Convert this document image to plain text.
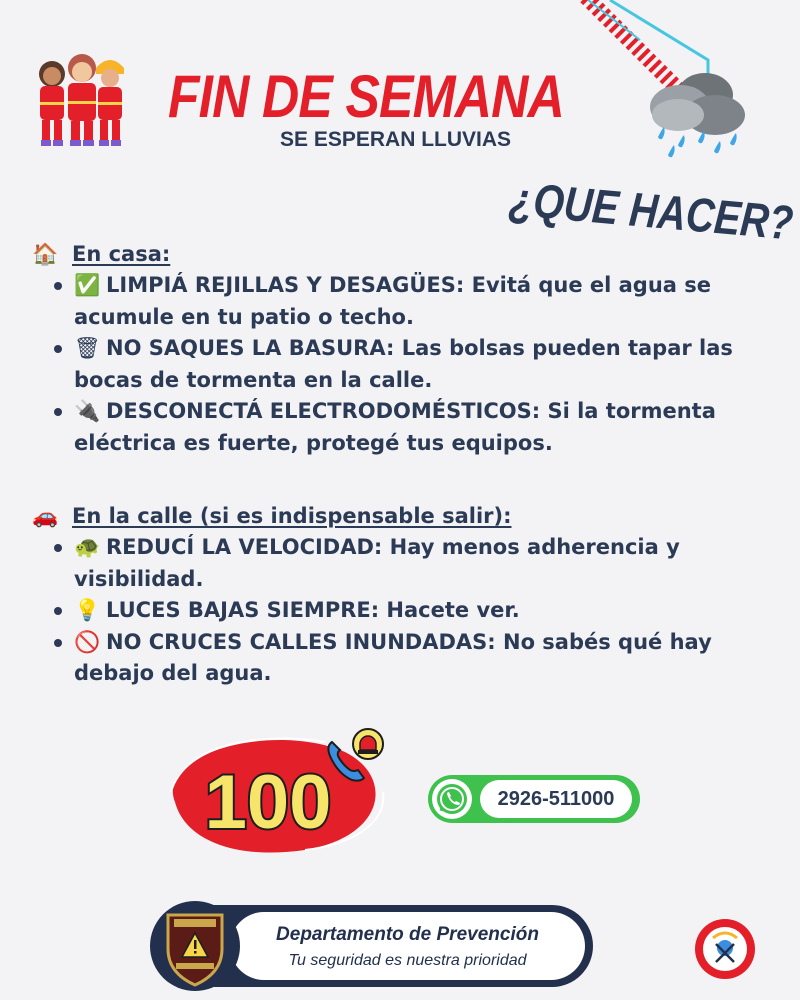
FIN DE SEMANA
SE ESPERAN LLUVIAS
¿QUE HACER?
🏠 En casa:
✅ LIMPIÁ REJILLAS Y DESAGÜES: Evitá que el agua se
acumule en tu patio o techo.
🗑 NO SAQUES LA BASURA: Las bolsas pueden tapar las
bocas de tormenta en la calle.
🔌 DESCONECTÁ ELECTRODOMÉSTICOS: Si la tormenta
eléctrica es fuerte, protegé tus equipos.
🚗 En la calle (si es indispensable salir):
🐢 REDUCÍ LA VELOCIDAD: Hay menos adherencia y
visibilidad.
💡 LUCES BAJAS SIEMPRE: Hacete ver.
🚫 NO CRUCES CALLES INUNDADAS: No sabés qué hay
debajo del agua.
100	2926-511000
Departamento de Prevención
Tu seguridad es nuestra prioridad
